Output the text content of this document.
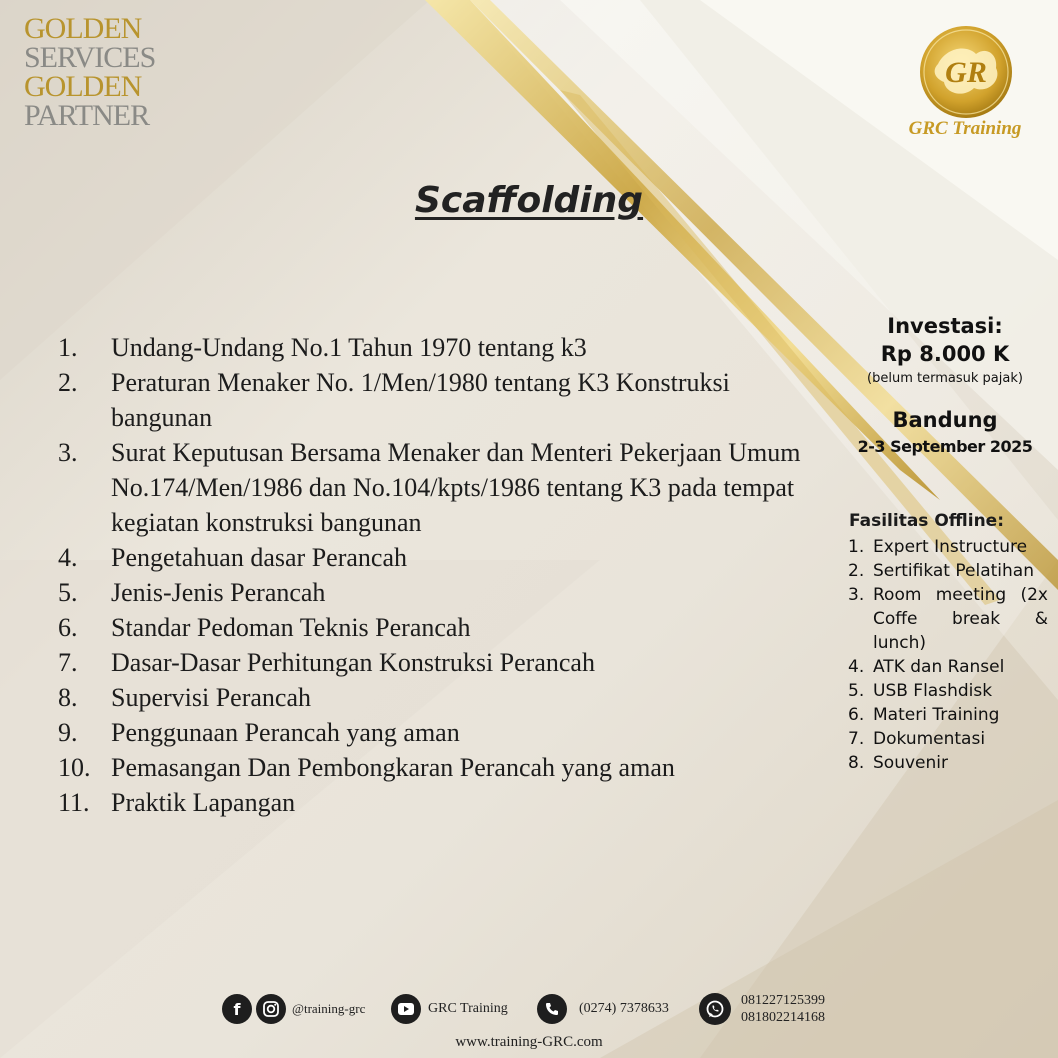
GOLDEN
SERVICES
GOLDEN
PARTNER
GR
GRC Training
Scaffolding
1.	Undang-Undang No.1 Tahun 1970 tentang k3
2.	Peraturan Menaker No. 1/Men/1980 tentang K3 Konstruksi bangunan
3.	Surat Keputusan Bersama Menaker dan Menteri Pekerjaan Umum No.174/Men/1986 dan No.104/kpts/1986 tentang K3 pada tempat kegiatan konstruksi bangunan
4.	Pengetahuan dasar Perancah
5.	Jenis-Jenis Perancah
6.	Standar Pedoman Teknis Perancah
7.	Dasar-Dasar Perhitungan Konstruksi Perancah
8.	Supervisi Perancah
9.	Penggunaan Perancah yang aman
10. Pemasangan Dan Pembongkaran Perancah yang aman
11. Praktik Lapangan
Investasi:
Rp 8.000 K
(belum termasuk pajak)
Bandung
2-3 September 2025
Fasilitas Offline:
1. Expert Instructure
2. Sertifikat Pelatihan
3. Room meeting (2x Coffe break & lunch)
4. ATK dan Ransel
5. USB Flashdisk
6. Materi Training
7. Dokumentasi
8. Souvenir
f	@training-grc	GRC Training	(0274) 7378633
081227125399
081802214168
www.training-GRC.com
